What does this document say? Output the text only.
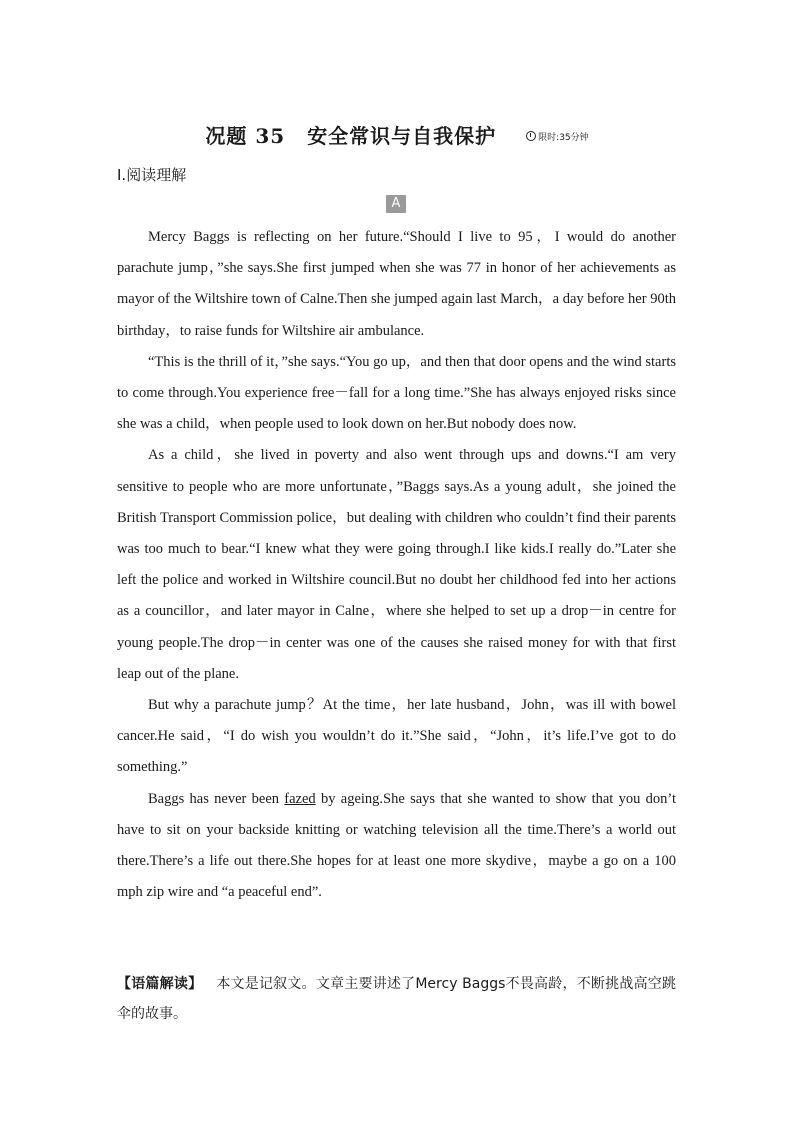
况题 35 安全常识与自我保护	限时:35分钟
Ⅰ.阅读理解
A

Mercy Baggs is reflecting on her future.“Should I live to 95，I would do another parachute jump，”she says.She first jumped when she was 77 in honor of her achievements as mayor of the Wiltshire town of Calne.Then she jumped again last March，a day before her 90th birthday，to raise funds for Wiltshire air ambulance.

“This is the thrill of it，”she says.“You go up，and then that door opens and the wind starts to come through.You experience free－fall for a long time.”She has always enjoyed risks since she was a child，when people used to look down on her.But nobody does now.

As a child，she lived in poverty and also went through ups and downs.“I am very sensitive to people who are more unfortunate，”Baggs says.As a young adult，she joined the British Transport Commission police，but dealing with children who couldn’t find their parents was too much to bear.“I knew what they were going through.I like kids.I really do.”Later she left the police and worked in Wiltshire council.But no doubt her childhood fed into her actions as a councillor，and later mayor in Calne，where she helped to set up a drop－in centre for young people.The drop－in center was one of the causes she raised money for with that first leap out of the plane.

But why a parachute jump？At the time，her late husband，John，was ill with bowel cancer.He said，“I do wish you wouldn’t do it.”She said，“John，it’s life.I’ve got to do something.”

Baggs has never been fazed by ageing.She says that she wanted to show that you don’t have to sit on your backside knitting or watching television all the time.There’s a world out there.There’s a life out there.She hopes for at least one more skydive，maybe a go on a 100 mph zip wire and “a peaceful end”.

【语篇解读】 本文是记叙文。文章主要讲述了Mercy Baggs不畏高龄，不断挑战高空跳伞的故事。
